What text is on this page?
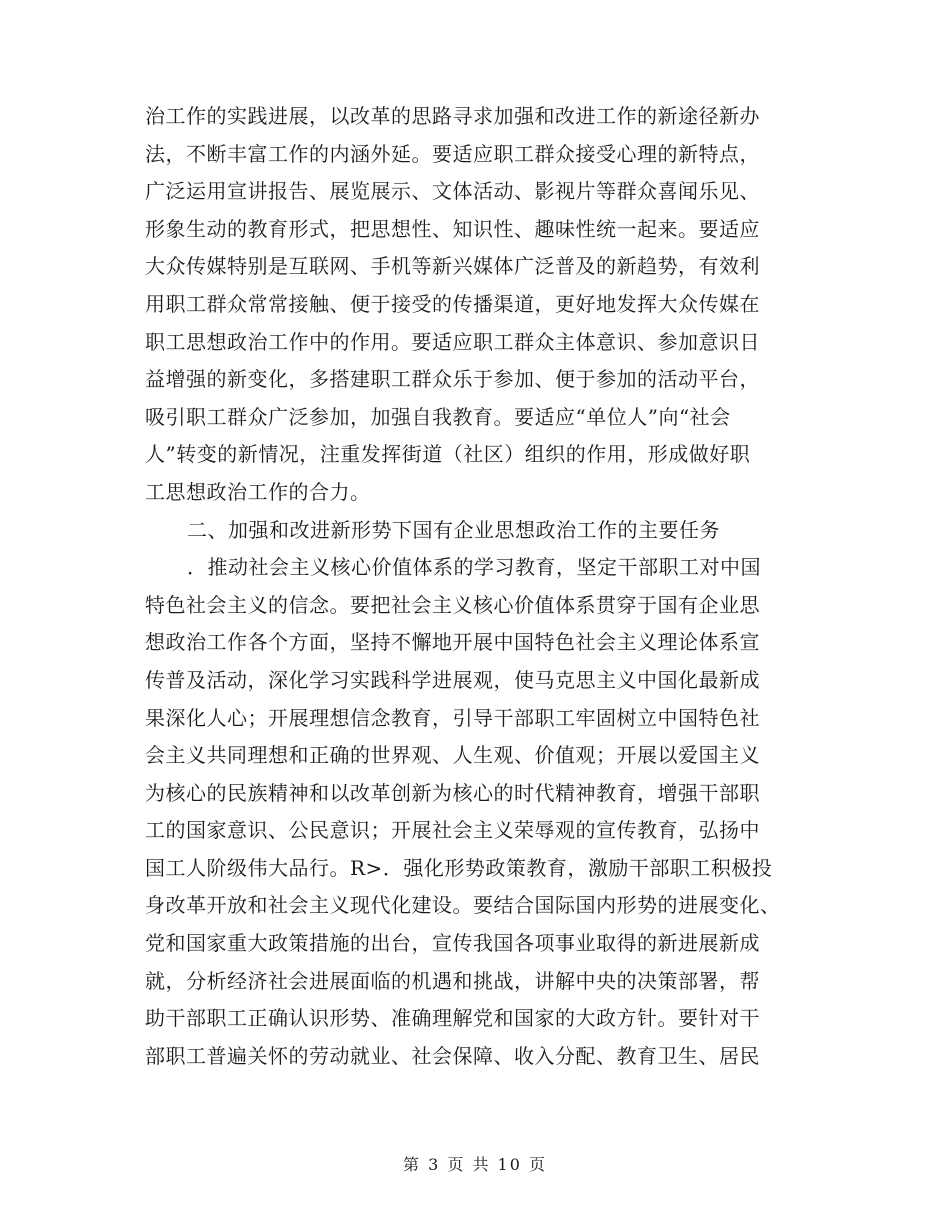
治工作的实践进展，以改革的思路寻求加强和改进工作的新途径新办
法，不断丰富工作的内涵外延。要适应职工群众接受心理的新特点，
广泛运用宣讲报告、展览展示、文体活动、影视片等群众喜闻乐见、
形象生动的教育形式，把思想性、知识性、趣味性统一起来。要适应
大众传媒特别是互联网、手机等新兴媒体广泛普及的新趋势，有效利
用职工群众常常接触、便于接受的传播渠道，更好地发挥大众传媒在
职工思想政治工作中的作用。要适应职工群众主体意识、参加意识日
益增强的新变化，多搭建职工群众乐于参加、便于参加的活动平台，
吸引职工群众广泛参加，加强自我教育。要适应“单位人”向“社会
人”转变的新情况，注重发挥街道（社区）组织的作用，形成做好职
工思想政治工作的合力。
二、加强和改进新形势下国有企业思想政治工作的主要任务
．推动社会主义核心价值体系的学习教育，坚定干部职工对中国
特色社会主义的信念。要把社会主义核心价值体系贯穿于国有企业思
想政治工作各个方面，坚持不懈地开展中国特色社会主义理论体系宣
传普及活动，深化学习实践科学进展观，使马克思主义中国化最新成
果深化人心；开展理想信念教育，引导干部职工牢固树立中国特色社
会主义共同理想和正确的世界观、人生观、价值观；开展以爱国主义
为核心的民族精神和以改革创新为核心的时代精神教育，增强干部职
工的国家意识、公民意识；开展社会主义荣辱观的宣传教育，弘扬中
国工人阶级伟大品行。R>．强化形势政策教育，激励干部职工积极投
身改革开放和社会主义现代化建设。要结合国际国内形势的进展变化、
党和国家重大政策措施的出台，宣传我国各项事业取得的新进展新成
就，分析经济社会进展面临的机遇和挑战，讲解中央的决策部署，帮
助干部职工正确认识形势、准确理解党和国家的大政方针。要针对干
部职工普遍关怀的劳动就业、社会保障、收入分配、教育卫生、居民
第 3 页 共 10 页
